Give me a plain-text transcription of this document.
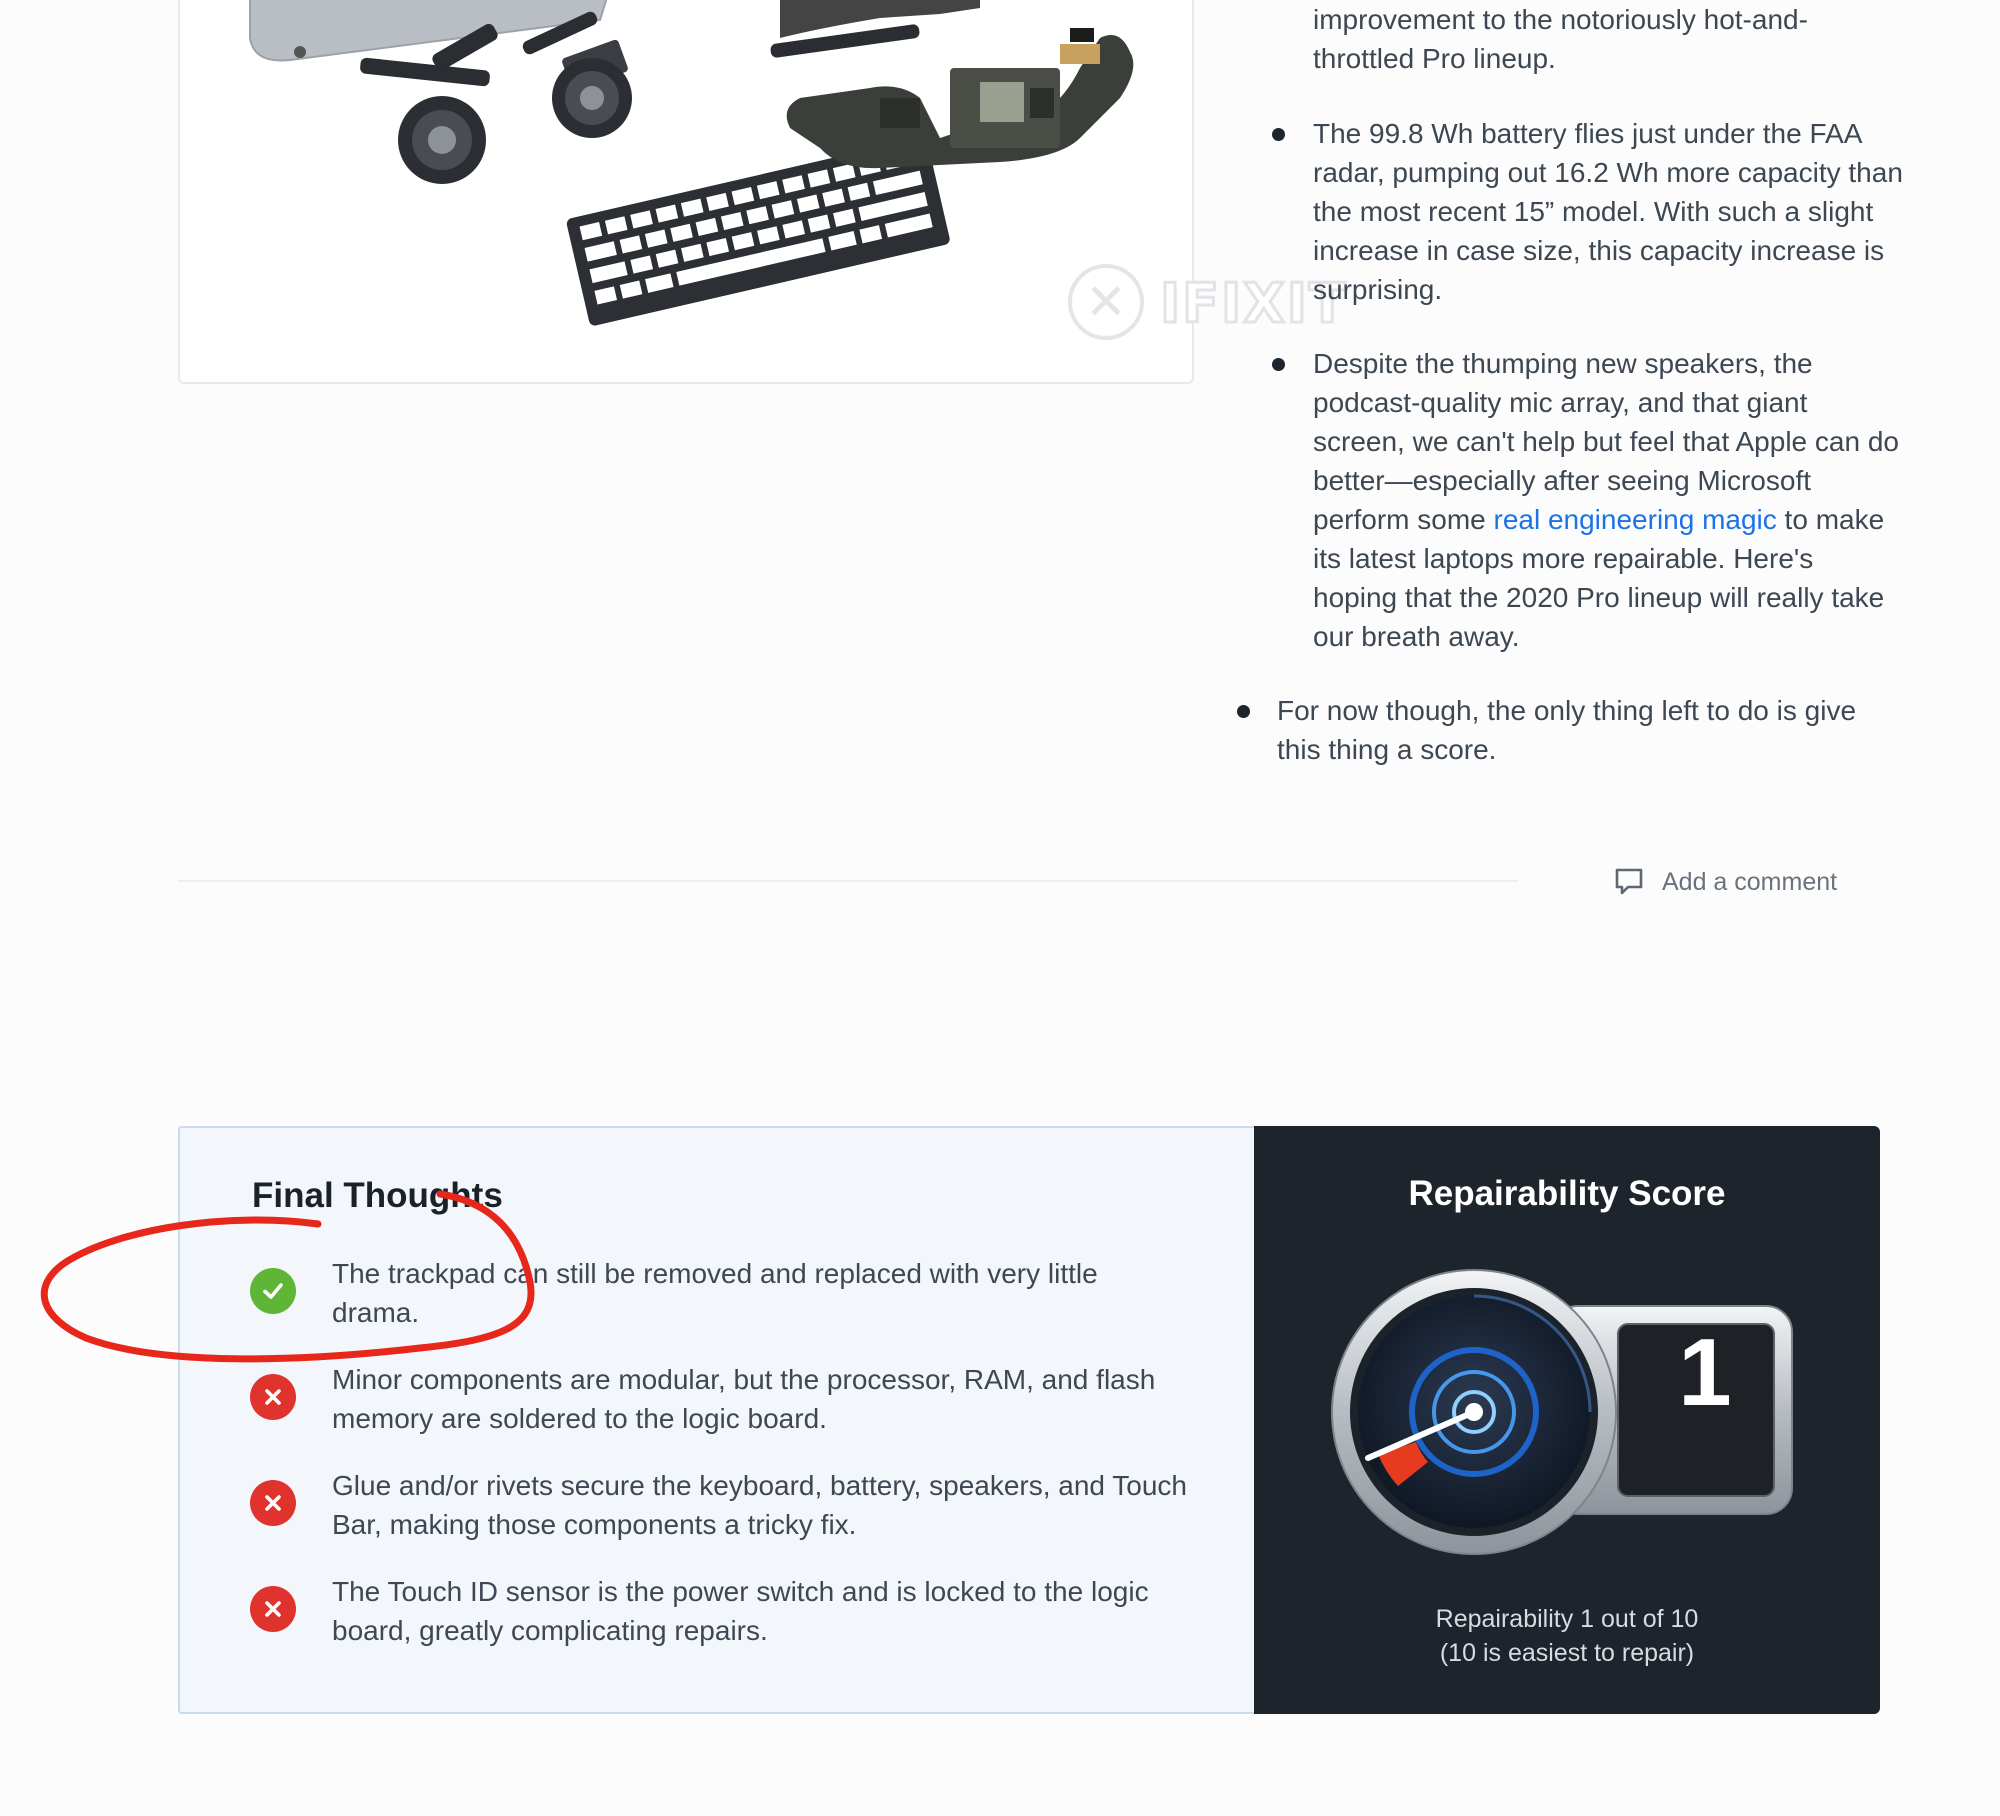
✕ IFIXIT
improvement to the notoriously hot-and-throttled Pro lineup.
The 99.8 Wh battery flies just under the FAA radar, pumping out 16.2 Wh more capacity than the most recent 15” model. With such a slight increase in case size, this capacity increase is surprising.
Despite the thumping new speakers, the podcast-quality mic array, and that giant screen, we can't help but feel that Apple can do better—especially after seeing Microsoft perform some real engineering magic to make its latest laptops more repairable. Here's hoping that the 2020 Pro lineup will really take our breath away.
For now though, the only thing left to do is give this thing a score.
Add a comment
Final Thoughts
The trackpad can still be removed and replaced with very little drama.
Minor components are modular, but the processor, RAM, and flash memory are soldered to the logic board.
Glue and/or rivets secure the keyboard, battery, speakers, and Touch Bar, making those components a tricky fix.
The Touch ID sensor is the power switch and is locked to the logic board, greatly complicating repairs.
Repairability Score
1
Repairability 1 out of 10
(10 is easiest to repair)
